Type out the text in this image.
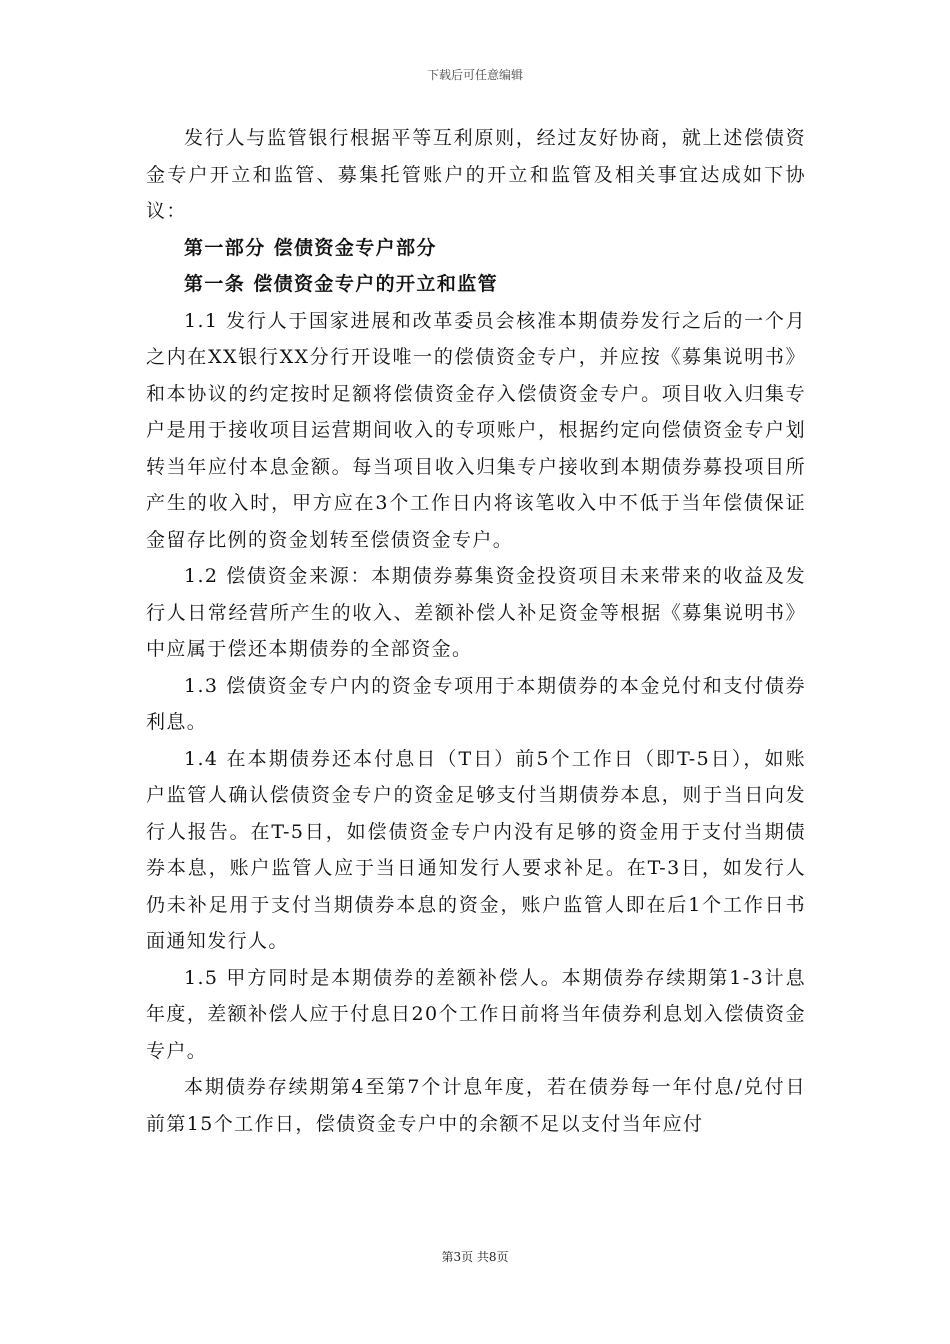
下载后可任意编辑

发行人与监管银行根据平等互利原则，经过友好协商，就上述偿债资金专户开立和监管、募集托管账户的开立和监管及相关事宜达成如下协议：

第一部分 偿债资金专户部分

第一条 偿债资金专户的开立和监管

1.1 发行人于国家进展和改革委员会核准本期债券发行之后的一个月之内在XX银行XX分行开设唯一的偿债资金专户，并应按《募集说明书》和本协议的约定按时足额将偿债资金存入偿债资金专户。项目收入归集专户是用于接收项目运营期间收入的专项账户，根据约定向偿债资金专户划转当年应付本息金额。每当项目收入归集专户接收到本期债券募投项目所产生的收入时，甲方应在3个工作日内将该笔收入中不低于当年偿债保证金留存比例的资金划转至偿债资金专户。

1.2 偿债资金来源：本期债券募集资金投资项目未来带来的收益及发行人日常经营所产生的收入、差额补偿人补足资金等根据《募集说明书》中应属于偿还本期债券的全部资金。

1.3 偿债资金专户内的资金专项用于本期债券的本金兑付和支付债券利息。

1.4 在本期债券还本付息日（T日）前5个工作日（即T-5日），如账户监管人确认偿债资金专户的资金足够支付当期债券本息，则于当日向发行人报告。在T-5日，如偿债资金专户内没有足够的资金用于支付当期债券本息，账户监管人应于当日通知发行人要求补足。在T-3日，如发行人仍未补足用于支付当期债券本息的资金，账户监管人即在后1个工作日书面通知发行人。

1.5 甲方同时是本期债券的差额补偿人。本期债券存续期第1-3计息年度，差额补偿人应于付息日20个工作日前将当年债券利息划入偿债资金专户。

本期债券存续期第4至第7个计息年度，若在债券每一年付息/兑付日前第15个工作日，偿债资金专户中的余额不足以支付当年应付

第3页 共8页
